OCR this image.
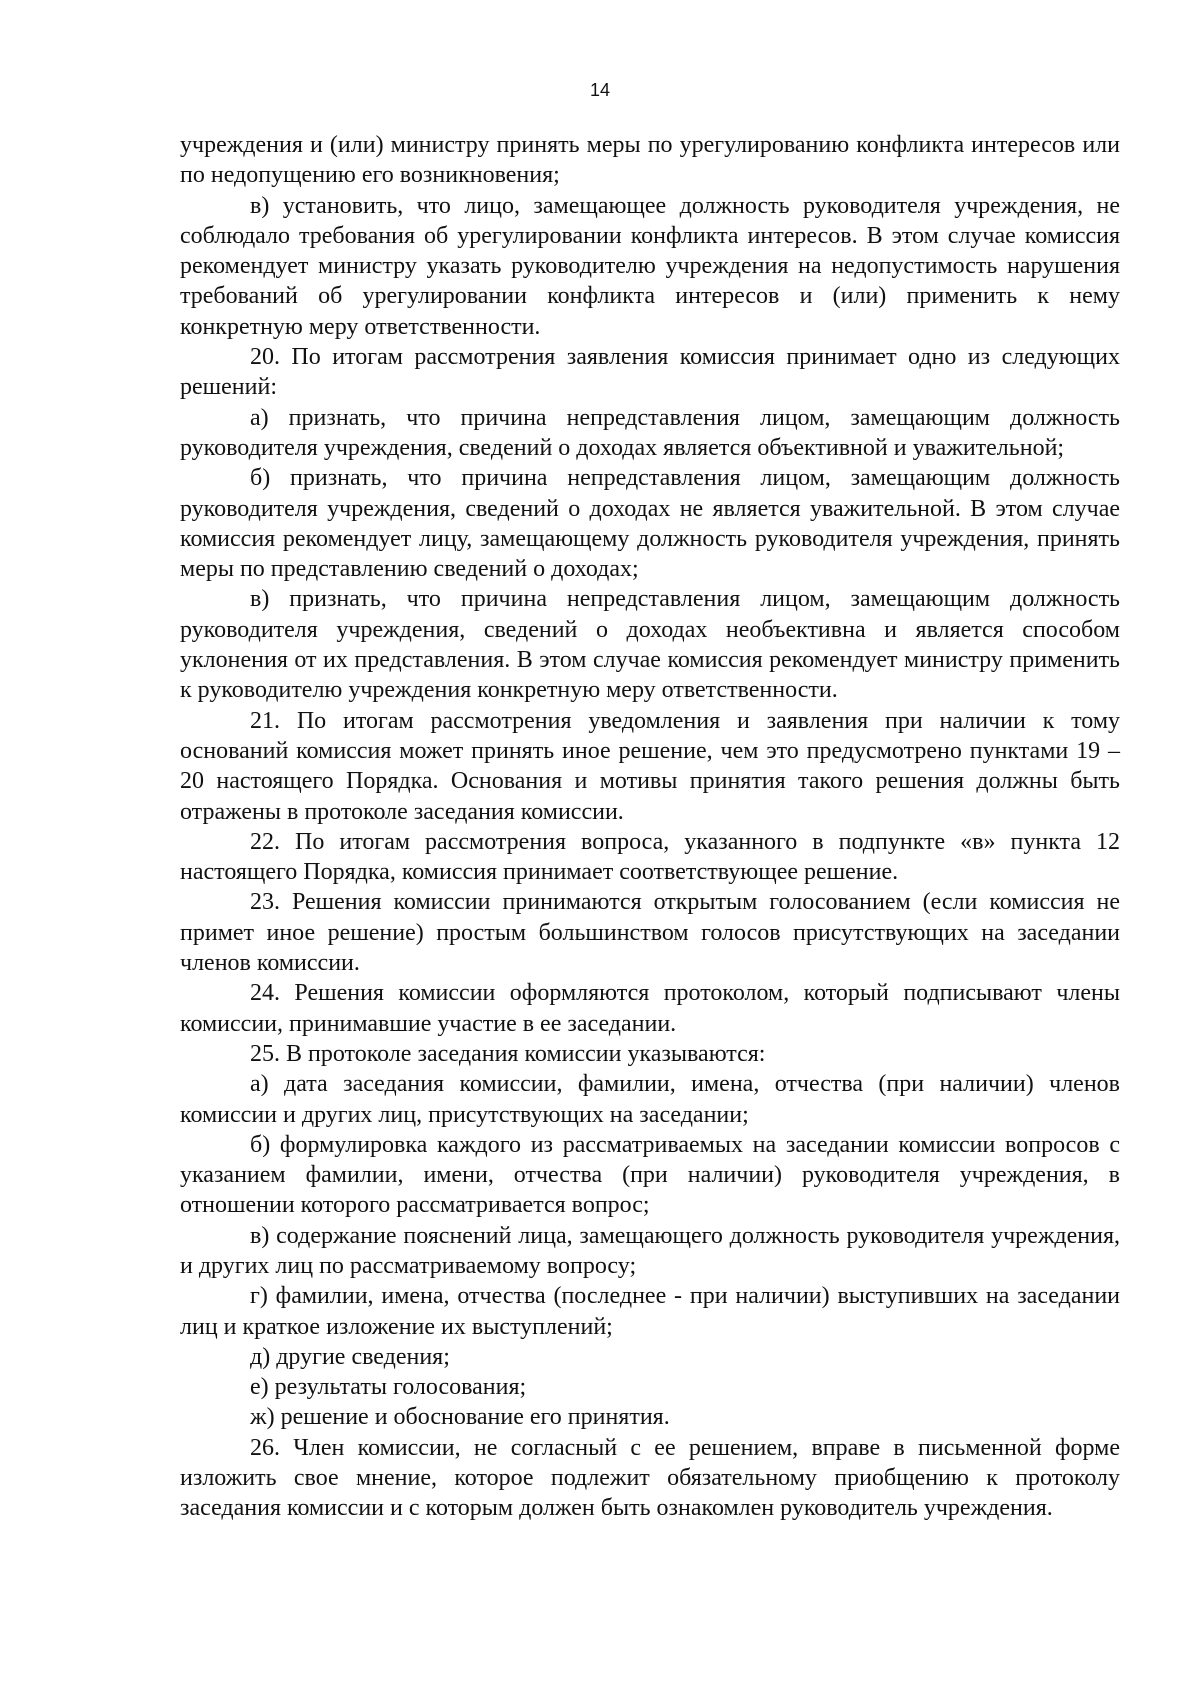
14

учреждения и (или) министру принять меры по урегулированию конфликта интересов или по недопущению его возникновения;

в) установить, что лицо, замещающее должность руководителя учреждения, не соблюдало требования об урегулировании конфликта интересов. В этом случае комиссия рекомендует министру указать руководителю учреждения на недопустимость нарушения требований об урегулировании конфликта интересов и (или) применить к нему конкретную меру ответственности.

20. По итогам рассмотрения заявления комиссия принимает одно из следующих решений:

а) признать, что причина непредставления лицом, замещающим должность руководителя учреждения, сведений о доходах является объективной и уважительной;

б) признать, что причина непредставления лицом, замещающим должность руководителя учреждения, сведений о доходах не является уважительной. В этом случае комиссия рекомендует лицу, замещающему должность руководителя учреждения, принять меры по представлению сведений о доходах;

в) признать, что причина непредставления лицом, замещающим должность руководителя учреждения, сведений о доходах необъективна и является способом уклонения от их представления. В этом случае комиссия рекомендует министру применить к руководителю учреждения конкретную меру ответственности.

21. По итогам рассмотрения уведомления и заявления при наличии к тому оснований комиссия может принять иное решение, чем это предусмотрено пунктами 19 – 20 настоящего Порядка. Основания и мотивы принятия такого решения должны быть отражены в протоколе заседания комиссии.

22. По итогам рассмотрения вопроса, указанного в подпункте «в» пункта 12 настоящего Порядка, комиссия принимает соответствующее решение.

23. Решения комиссии принимаются открытым голосованием (если комиссия не примет иное решение) простым большинством голосов присутствующих на заседании членов комиссии.

24. Решения комиссии оформляются протоколом, который подписывают члены комиссии, принимавшие участие в ее заседании.

25. В протоколе заседания комиссии указываются:

а) дата заседания комиссии, фамилии, имена, отчества (при наличии) членов комиссии и других лиц, присутствующих на заседании;

б) формулировка каждого из рассматриваемых на заседании комиссии вопросов с указанием фамилии, имени, отчества (при наличии) руководителя учреждения, в отношении которого рассматривается вопрос;

в) содержание пояснений лица, замещающего должность руководителя учреждения, и других лиц по рассматриваемому вопросу;

г) фамилии, имена, отчества (последнее - при наличии) выступивших на заседании лиц и краткое изложение их выступлений;

д) другие сведения;

е) результаты голосования;

ж) решение и обоснование его принятия.

26. Член комиссии, не согласный с ее решением, вправе в письменной форме изложить свое мнение, которое подлежит обязательному приобщению к протоколу заседания комиссии и с которым должен быть ознакомлен руководитель учреждения.
